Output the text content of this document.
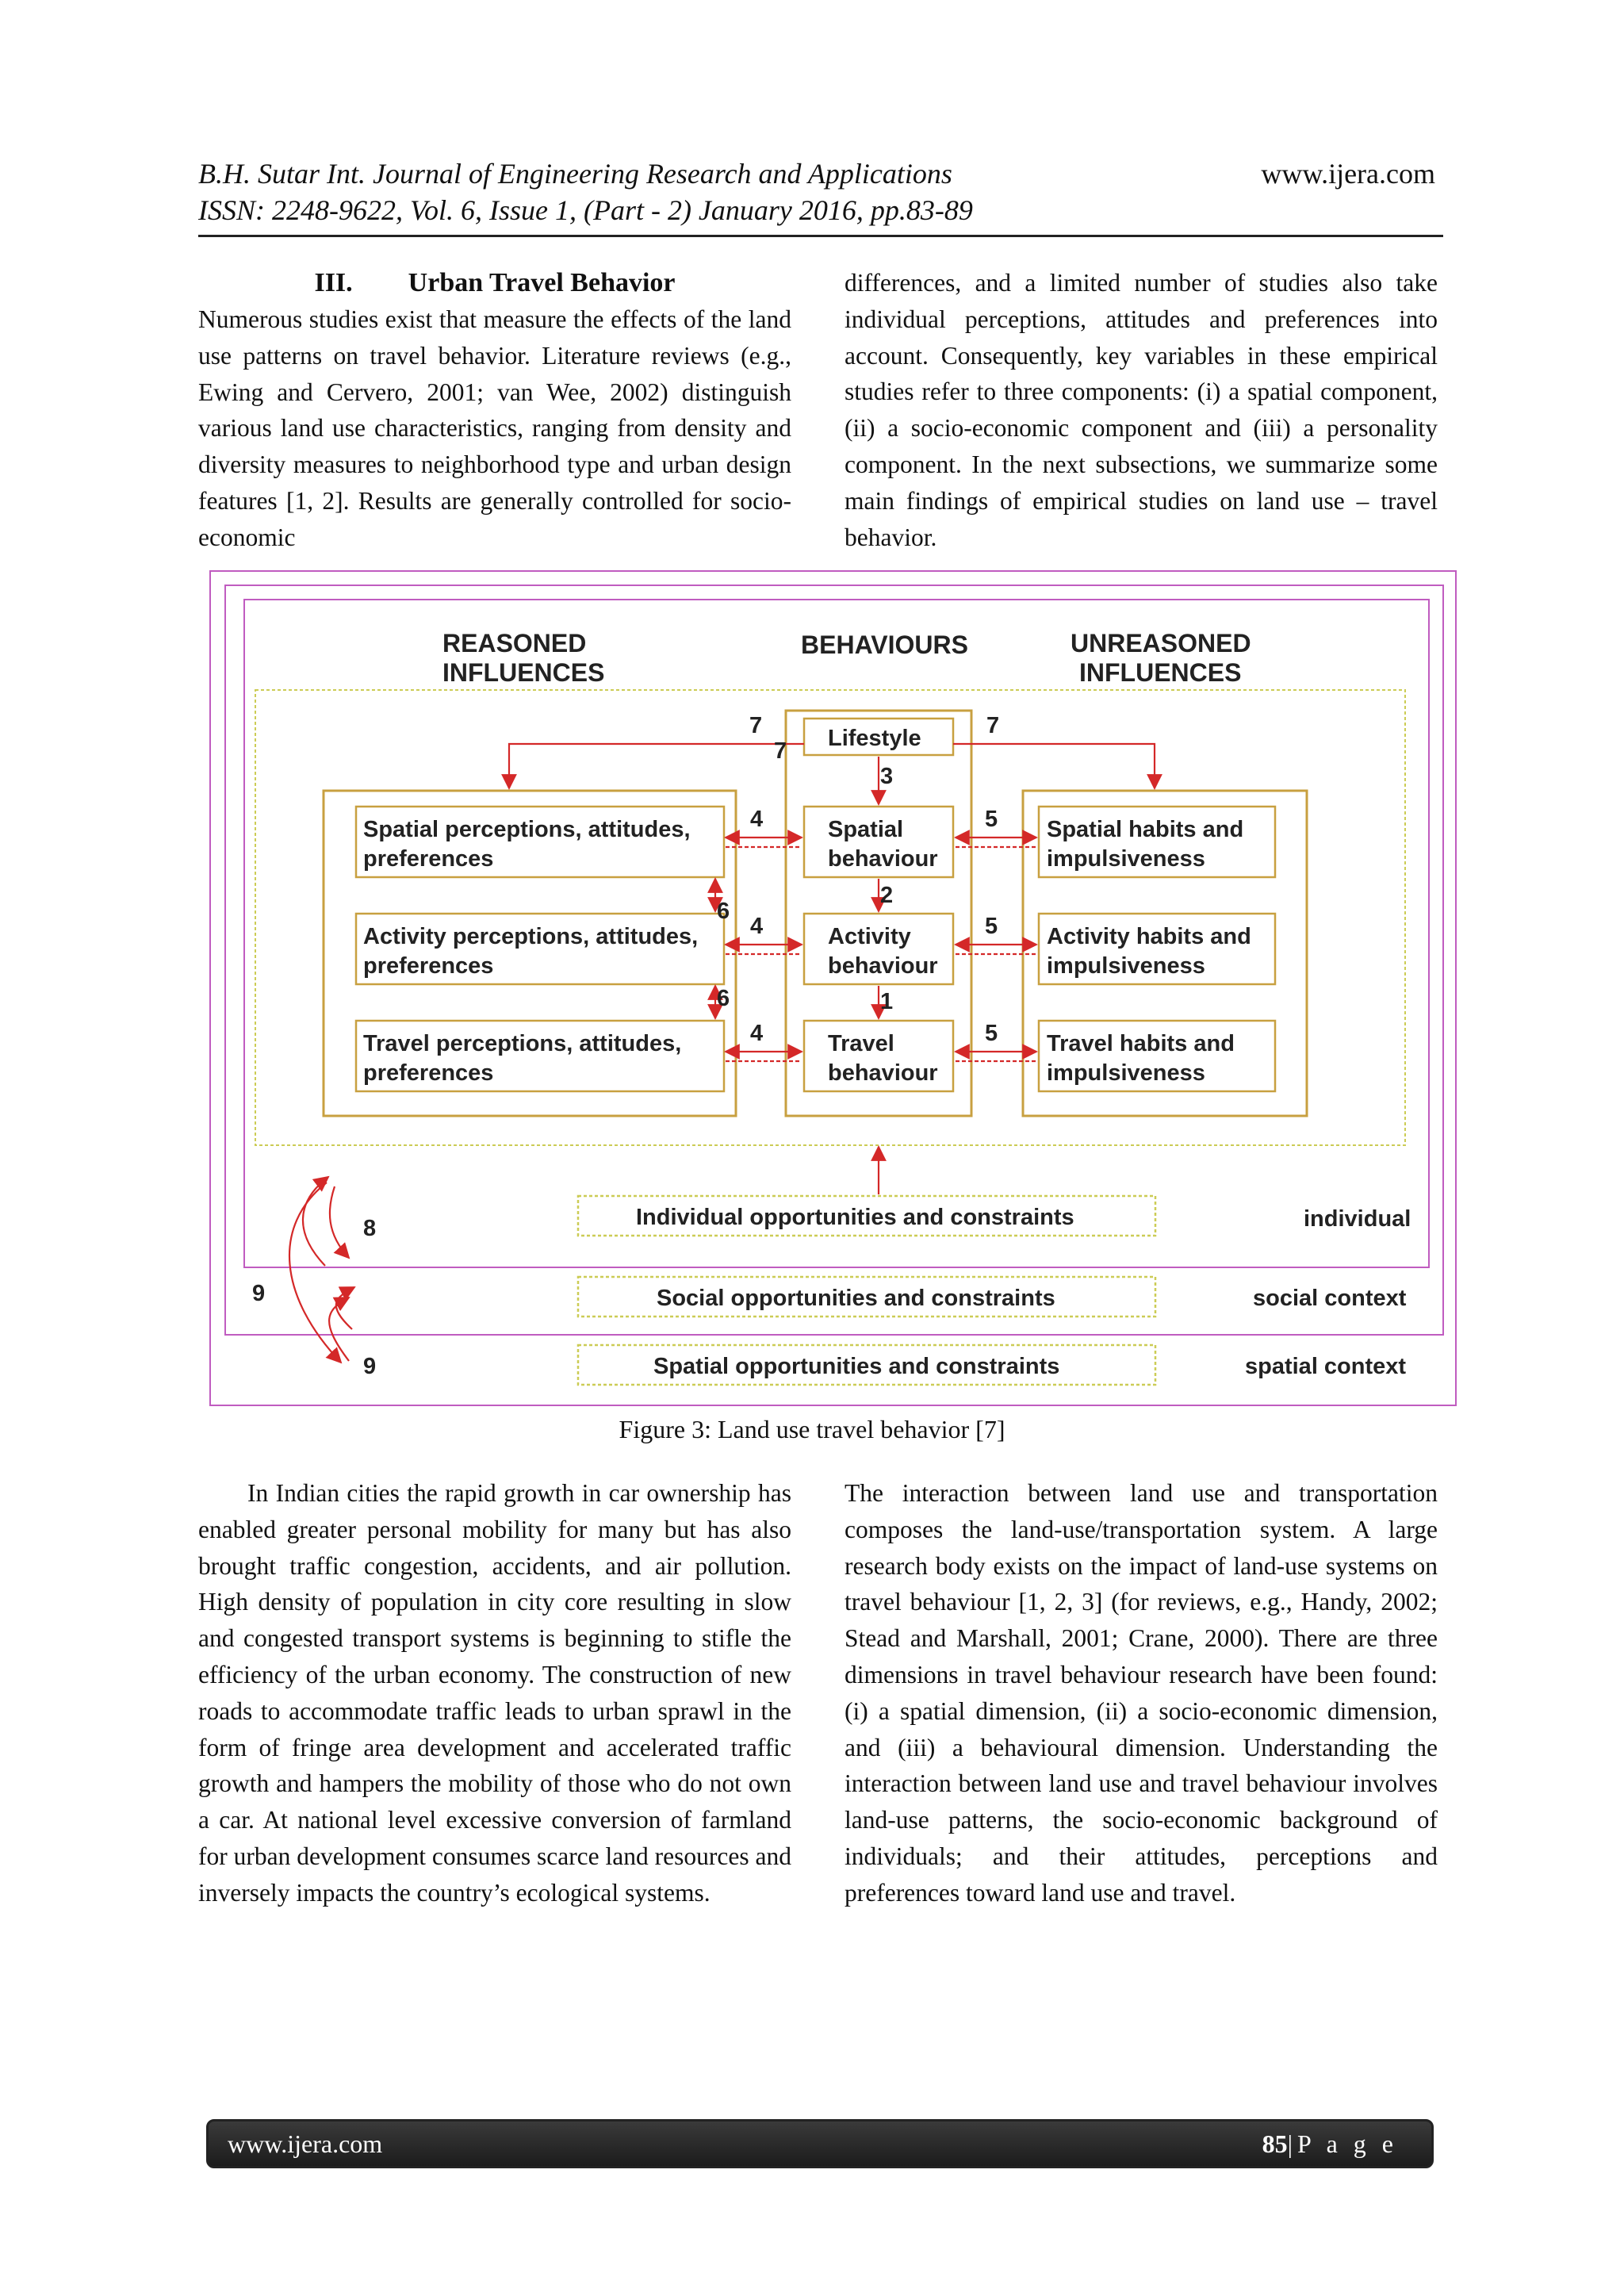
B.H. Sutar Int. Journal of Engineering Research and Applications	www.ijera.com
ISSN: 2248-9622, Vol. 6, Issue 1, (Part - 2) January 2016, pp.83-89
III. Urban Travel Behavior

Numerous studies exist that measure the effects of the land use patterns on travel behavior. Literature reviews (e.g., Ewing and Cervero, 2001; van Wee, 2002) distinguish various land use characteristics, ranging from density and diversity measures to neighborhood type and urban design features [1, 2]. Results are generally controlled for socio-economic

differences, and a limited number of studies also take individual perceptions, attitudes and preferences into account. Consequently, key variables in these empirical studies refer to three components: (i) a spatial component, (ii) a socio-economic component and (iii) a personality component. In the next subsections, we summarize some main findings of empirical studies on land use – travel behavior.

REASONED
INFLUENCES
BEHAVIOURS	UNREASONED
INFLUENCES
Lifestyle
Spatial perceptions, attitudes,
preferences
Activity perceptions, attitudes,
preferences
Travel perceptions, attitudes,
preferences
Spatial
behaviour
Activity
behaviour
Travel
behaviour
Spatial habits and
impulsiveness
Activity habits and
impulsiveness
Travel habits and
impulsiveness
Individual opportunities and constraints
Social opportunities and constraints
Spatial opportunities and constraints
individual
social context
spatial context
7
7
7
3
2
1
4
4
4
5
5
5
6
6
8
9
9
Figure 3: Land use travel behavior [7]

In Indian cities the rapid growth in car ownership has enabled greater personal mobility for many but has also brought traffic congestion, accidents, and air pollution. High density of population in city core resulting in slow and congested transport systems is beginning to stifle the efficiency of the urban economy. The construction of new roads to accommodate traffic leads to urban sprawl in the form of fringe area development and accelerated traffic growth and hampers the mobility of those who do not own a car. At national level excessive conversion of farmland for urban development consumes scarce land resources and inversely impacts the country’s ecological systems.

The interaction between land use and transportation composes the land-use/transportation system. A large research body exists on the impact of land-use systems on travel behaviour [1, 2, 3] (for reviews, e.g., Handy, 2002; Stead and Marshall, 2001; Crane, 2000). There are three dimensions in travel behaviour research have been found: (i) a spatial dimension, (ii) a socio-economic dimension, and (iii) a behavioural dimension. Understanding the interaction between land use and travel behaviour involves land-use patterns, the socio-economic background of individuals; and their attitudes, perceptions and preferences toward land use and travel.

www.ijera.com	85|P a g e
